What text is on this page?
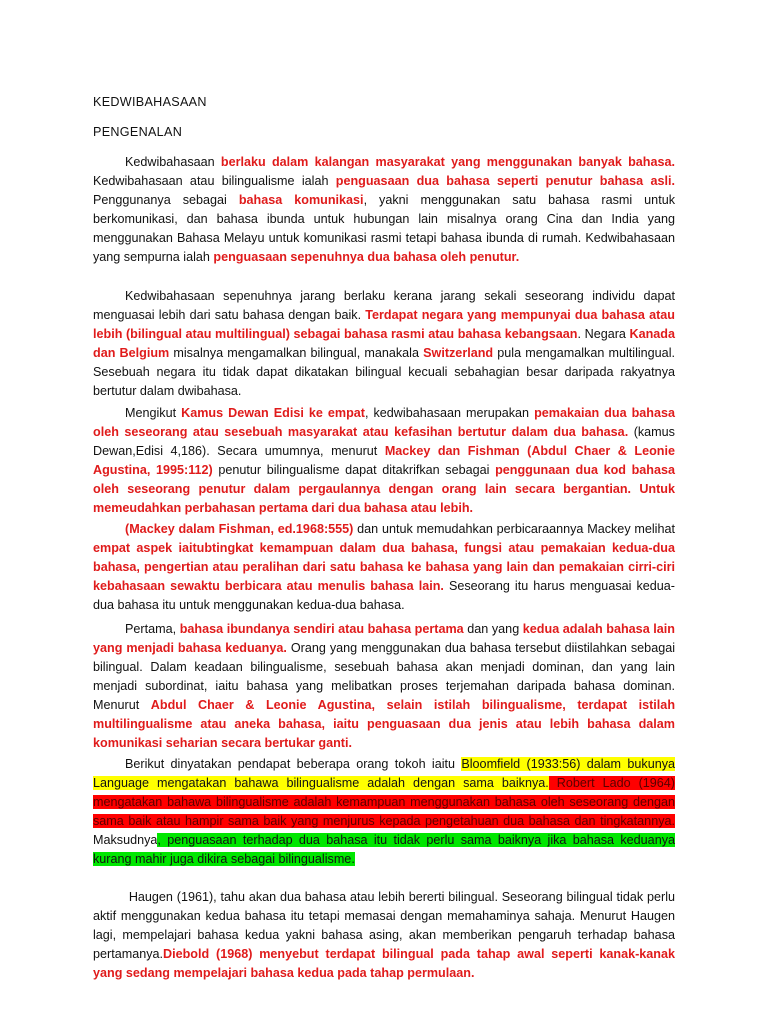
KEDWIBAHASAAN
PENGENALAN
Kedwibahasaan berlaku dalam kalangan masyarakat yang menggunakan banyak bahasa. Kedwibahasaan atau bilingualisme ialah penguasaan dua bahasa seperti penutur bahasa asli. Penggunanya sebagai bahasa komunikasi, yakni menggunakan satu bahasa rasmi untuk berkomunikasi, dan bahasa ibunda untuk hubungan lain misalnya orang Cina dan India yang menggunakan Bahasa Melayu untuk komunikasi rasmi tetapi bahasa ibunda di rumah. Kedwibahasaan yang sempurna ialah penguasaan sepenuhnya dua bahasa oleh penutur.
Kedwibahasaan sepenuhnya jarang berlaku kerana jarang sekali seseorang individu dapat menguasai lebih dari satu bahasa dengan baik. Terdapat negara yang mempunyai dua bahasa atau lebih (bilingual atau multilingual) sebagai bahasa rasmi atau bahasa kebangsaan. Negara Kanada dan Belgium misalnya mengamalkan bilingual, manakala Switzerland pula mengamalkan multilingual. Sesebuah negara itu tidak dapat dikatakan bilingual kecuali sebahagian besar daripada rakyatnya bertutur dalam dwibahasa.
Mengikut Kamus Dewan Edisi ke empat, kedwibahasaan merupakan pemakaian dua bahasa oleh seseorang atau sesebuah masyarakat atau kefasihan bertutur dalam dua bahasa. (kamus Dewan,Edisi 4,186). Secara umumnya, menurut Mackey dan Fishman (Abdul Chaer & Leonie Agustina, 1995:112) penutur bilingualisme dapat ditakrifkan sebagai penggunaan dua kod bahasa oleh seseorang penutur dalam pergaulannya dengan orang lain secara bergantian. Untuk memeudahkan perbahasan pertama dari dua bahasa atau lebih.
(Mackey dalam Fishman, ed.1968:555) dan untuk memudahkan perbicaraannya Mackey melihat empat aspek iaitubtingkat kemampuan dalam dua bahasa, fungsi atau pemakaian kedua-dua bahasa, pengertian atau peralihan dari satu bahasa ke bahasa yang lain dan pemakaian cirri-ciri kebahasaan sewaktu berbicara atau menulis bahasa lain. Seseorang itu harus menguasai kedua-dua bahasa itu untuk menggunakan kedua-dua bahasa.
Pertama, bahasa ibundanya sendiri atau bahasa pertama dan yang kedua adalah bahasa lain yang menjadi bahasa keduanya. Orang yang menggunakan dua bahasa tersebut diistilahkan sebagai bilingual. Dalam keadaan bilingualisme, sesebuah bahasa akan menjadi dominan, dan yang lain menjadi subordinat, iaitu bahasa yang melibatkan proses terjemahan daripada bahasa dominan. Menurut Abdul Chaer & Leonie Agustina, selain istilah bilingualisme, terdapat istilah multilingualisme atau aneka bahasa, iaitu penguasaan dua jenis atau lebih bahasa dalam komunikasi seharian secara bertukar ganti.
Berikut dinyatakan pendapat beberapa orang tokoh iaitu Bloomfield (1933:56) dalam bukunya Language mengatakan bahawa bilingualisme adalah dengan sama baiknya. Robert Lado (1964) mengatakan bahawa bilingualisme adalah kemampuan menggunakan bahasa oleh seseorang dengan sama baik atau hampir sama baik yang menjurus kepada pengetahuan dua bahasa dan tingkatannya. Maksudnya, penguasaan terhadap dua bahasa itu tidak perlu sama baiknya jika bahasa keduanya kurang mahir juga dikira sebagai bilingualisme.
Haugen (1961), tahu akan dua bahasa atau lebih bererti bilingual. Seseorang bilingual tidak perlu aktif menggunakan kedua bahasa itu tetapi memasai dengan memahaminya sahaja. Menurut Haugen lagi, mempelajari bahasa kedua yakni bahasa asing, akan memberikan pengaruh terhadap bahasa pertamanya.Diebold (1968) menyebut terdapat bilingual pada tahap awal seperti kanak-kanak yang sedang mempelajari bahasa kedua pada tahap permulaan.
